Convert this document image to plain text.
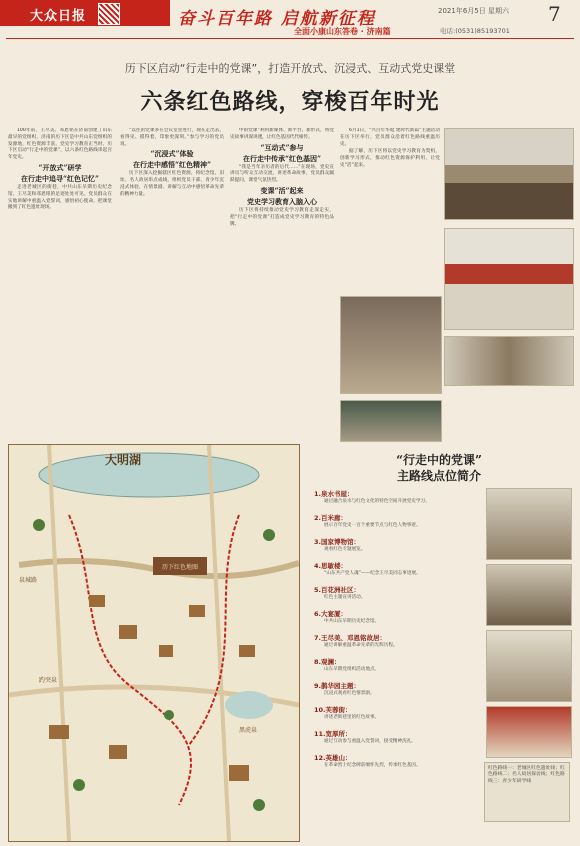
大众日报	奋斗百年路 启航新征程	2021年6月5日 星期六 7
全面小康山东答卷 · 济南篇	电话:(0531)85193701
历下区启动“行走中的党课”，打造开放式、沉浸式、互动式党史课堂
六条红色路线，穿梭百年时光

100年前，王尽美、邓恩铭在济南创建了山东最早的党组织，济南的历下区是中共山东党组织的发源地，红色资源丰富，党史学习教育正当时。历下区启动“行走中的党课”，以六条红色路线串起百年党史。

“开放式”研学

在行走中追寻“红色记忆”

走进老城区的街巷，中共山东早期历史纪念馆、王尽美和邓恩铭的足迹处处可见。党员群众在实地讲解中重温入党誓词，感悟初心使命，把课堂搬到了红色遗址现场。

“以往的党课多在会议室里进行，现在走出去，看得见、摸得着，印象更深刻。”参与学习的党员说。

“沉浸式”体验

在行走中感悟“红色精神”

历下区深入挖掘辖区红色资源，将纪念馆、旧址、名人故居串点成线，组织党员干部、青少年沉浸式体验，在情景剧、讲解与互动中感悟革命先辈的精神力量。

中的党课”利用新媒体、新平台、新形式，将党史故事讲深讲透，让红色基因代代相传。

“互动式”参与

在行走中传承“红色基因”

“我是当年亲历者的后代……”在现场，党史宣讲员与听众互动交流，讲述革命故事，党员群众踊跃提问，课堂气氛热烈。

变课“活”起来

党史学习教育入脑入心

历下区将持续推动党史学习教育走深走实，把“行走中的党课”打造成党史学习教育的特色品牌。

6月1日，“兴百年华诞 建时代新篇”主题活动在历下区举行，党员群众沿着红色路线重温历史。

据了解，历下区将以党史学习教育为契机，创新学习形式，推动红色资源保护利用，让党史“活”起来。

大明湖
泉城路
趵突泉
黑虎泉
历下红色地图
“行走中的党课”
主路线点位简介
1.泉水书屋：
通过融合泉水与红色文化的特色空间开展党史学习。
2.百米廊：
展示百年党史一百个重要节点与红色人物事迹。
3.国家博物馆：
观看红色专题展览。
4.思敏楼：
“山东共产党人魂”——纪念王尽美同志事迹展。
5.百花洲社区：
红色主题宣讲活动。
6.大宴厦：
中共山东早期历史纪念馆。
7.王尽美、邓恩铭故居：
通过讲解重温革命先辈的光辉历程。
8.观澜：
山东早期党组织活动地点。
9.鹊华园主题：
沉浸式观看红色情景剧。
10.芙蓉街：
讲述老街巷里的红色故事。
11.宽厚所：
通过互动参与重温入党誓词，接受精神洗礼。
12.英雄山：
在革命烈士纪念碑前缅怀先烈，传承红色基因。
红色路线一：老城区红色遗址线；红色路线二：名人故居探访线；红色路线三：青少年研学线
